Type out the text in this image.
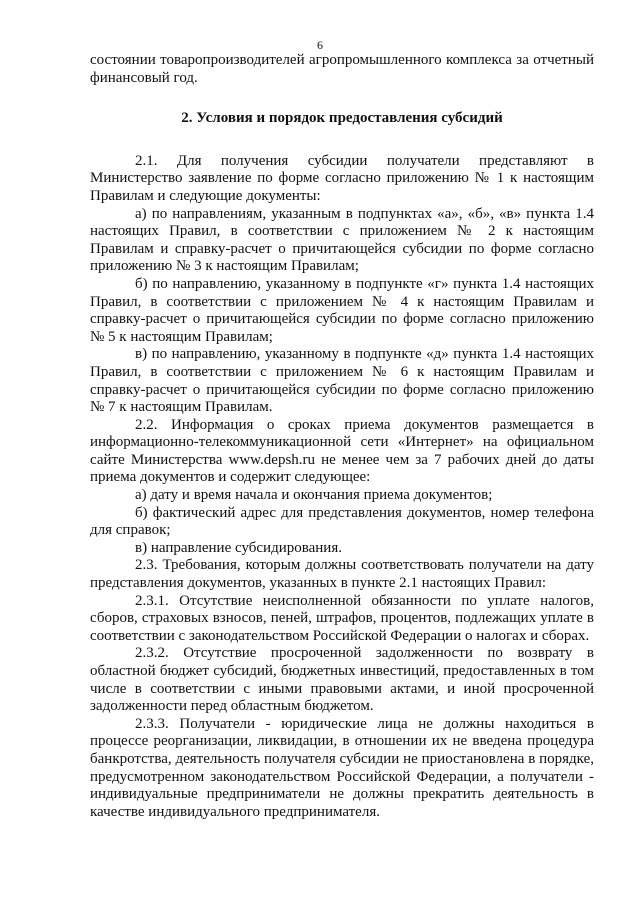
6

состоянии товаропроизводителей агропромышленного комплекса за отчетный финансовый год.

2. Условия и порядок предоставления субсидий

2.1. Для получения субсидии получатели представляют в Министерство заявление по форме согласно приложению № 1 к настоящим Правилам и следующие документы:

а) по направлениям, указанным в подпунктах «а», «б», «в» пункта 1.4 настоящих Правил, в соответствии с приложением № 2 к настоящим Правилам и справку-расчет о причитающейся субсидии по форме согласно приложению № 3 к настоящим Правилам;

б) по направлению, указанному в подпункте «г» пункта 1.4 настоящих Правил, в соответствии с приложением № 4 к настоящим Правилам и справку-расчет о причитающейся субсидии по форме согласно приложению № 5 к настоящим Правилам;

в) по направлению, указанному в подпункте «д» пункта 1.4 настоящих Правил, в соответствии с приложением № 6 к настоящим Правилам и справку-расчет о причитающейся субсидии по форме согласно приложению № 7 к настоящим Правилам.

2.2. Информация о сроках приема документов размещается в информационно-телекоммуникационной сети «Интернет» на официальном сайте Министерства www.depsh.ru не менее чем за 7 рабочих дней до даты приема документов и содержит следующее:

а) дату и время начала и окончания приема документов;

б) фактический адрес для представления документов, номер телефона для справок;

в) направление субсидирования.

2.3. Требования, которым должны соответствовать получатели на дату представления документов, указанных в пункте 2.1 настоящих Правил:

2.3.1. Отсутствие неисполненной обязанности по уплате налогов, сборов, страховых взносов, пеней, штрафов, процентов, подлежащих уплате в соответствии с законодательством Российской Федерации о налогах и сборах.

2.3.2. Отсутствие просроченной задолженности по возврату в областной бюджет субсидий, бюджетных инвестиций, предоставленных в том числе в соответствии с иными правовыми актами, и иной просроченной задолженности перед областным бюджетом.

2.3.3. Получатели - юридические лица не должны находиться в процессе реорганизации, ликвидации, в отношении их не введена процедура банкротства, деятельность получателя субсидии не приостановлена в порядке, предусмотренном законодательством Российской Федерации, а получатели - индивидуальные предприниматели не должны прекратить деятельность в качестве индивидуального предпринимателя.
